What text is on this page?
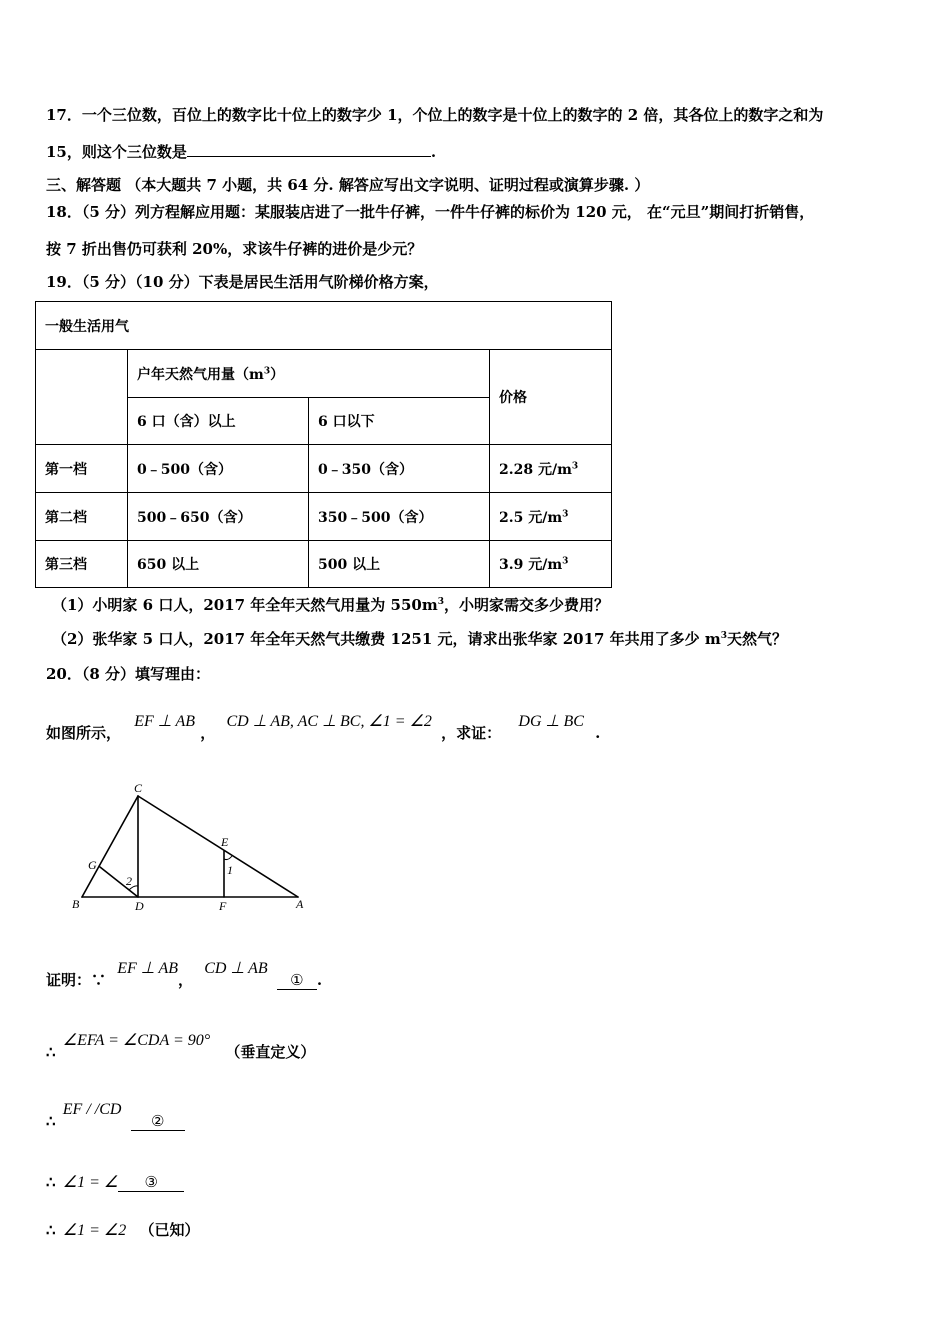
17．一个三位数，百位上的数字比十位上的数字少 1，个位上的数字是十位上的数字的 2 倍，其各位上的数字之和为
15，则这个三位数是	.
三、解答题 （本大题共 7 小题，共 64 分. 解答应写出文字说明、证明过程或演算步骤. ）
18．（5 分）列方程解应用题：某服装店进了一批牛仔裤，一件牛仔裤的标价为 120 元， 在“元旦”期间打折销售，
按 7 折出售仍可获利 20%，求该牛仔裤的进价是少元？
19．（5 分）（10 分）下表是居民生活用气阶梯价格方案，
一般生活用气			
	户年天然气用量$(m^3)$		价格
	6 口（含）以上	6 口以下	
第一档	0﹣500（含）	0﹣350（含）	2.28 元$/m^3$
第二档	500﹣650（含）	350﹣500（含）	2.5 元$/m^3$
第三档	650 以上	500 以上	3.9 元$/m^3$
（1）小明家 6 口人，2017 年全年天然气用量为 $550m^3$，小明家需交多少费用？
（2）张华家 5 口人，2017 年全年天然气共缴费 1251 元，请求出张华家 2017 年共用了多少 $m^3$天然气？
20．（8 分）填写理由：
如图所示， EF ⊥ AB ， CD ⊥ AB, AC ⊥ BC, ∠1 = ∠2 ，求证： DG ⊥ BC .
C
E
G
2
1
B	D	F	A
证明：∵ EF ⊥ AB， CD ⊥ AB ① .
∴ ∠EFA = ∠CDA = 90° （垂直定义）
∴ EF / /CD ②
∴ ∠1 = ∠ ③
∴ ∠1 = ∠2 （已知）
